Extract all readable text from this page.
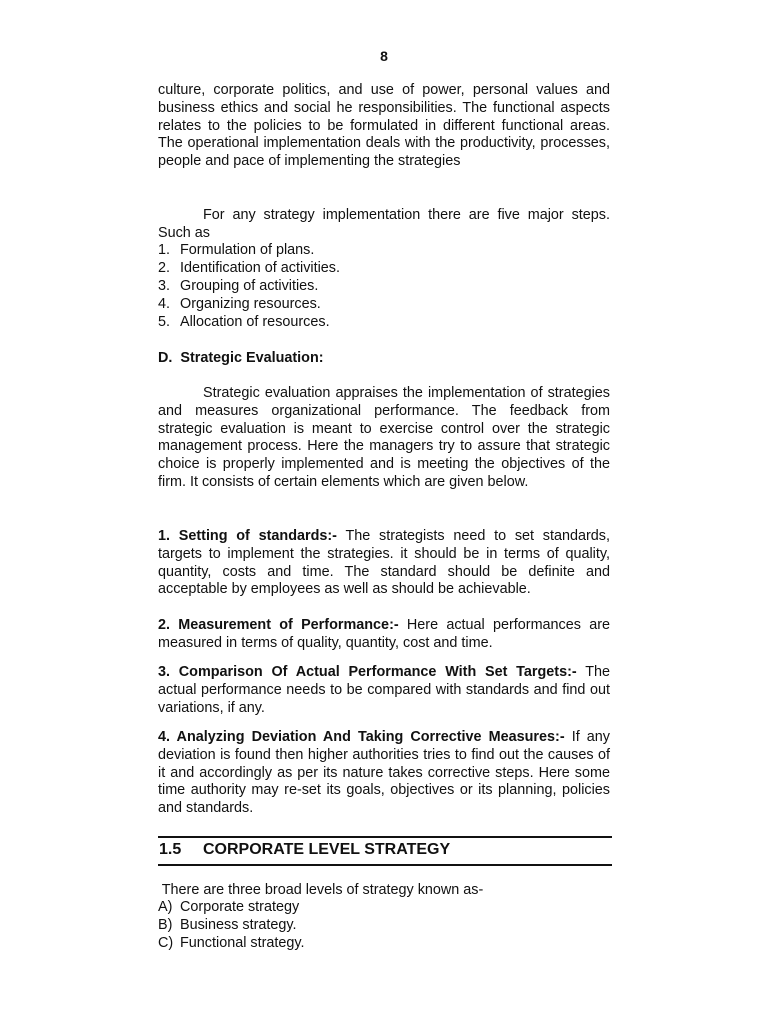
8

culture, corporate politics, and use of power, personal values and business ethics and social he responsibilities. The functional aspects relates to the policies to be formulated in different functional areas. The operational implementation deals with the productivity, processes, people and pace of implementing the strategies

For any strategy implementation there are five major steps. Such as

1. Formulation of plans.
2. Identification of activities.
3. Grouping of activities.
4. Organizing resources.
5. Allocation of resources.

D.  Strategic Evaluation:

Strategic evaluation appraises the implementation of strategies and measures organizational performance. The feedback from strategic evaluation is meant to exercise control over the strategic management process. Here the managers try to assure that strategic choice is properly implemented and is meeting the objectives of the firm. It consists of certain elements which are given below.

1. Setting of standards:- The strategists need to set standards, targets to implement the strategies. it should be in terms of quality, quantity, costs and time. The standard should be definite and acceptable by employees as well as should be achievable.

2. Measurement of Performance:- Here actual performances are measured in terms of quality, quantity, cost and time.

3. Comparison Of Actual Performance With Set Targets:- The actual performance needs to be compared with standards and find out variations, if any.

4. Analyzing Deviation And Taking Corrective Measures:- If any deviation is found then higher authorities tries to find out the causes of it and accordingly as per its nature takes corrective steps. Here some time authority may re-set its goals, objectives or its planning, policies and standards.

1.5 CORPORATE LEVEL STRATEGY

There are three broad levels of strategy known as-

A) Corporate strategy
B) Business strategy.
C) Functional strategy.
